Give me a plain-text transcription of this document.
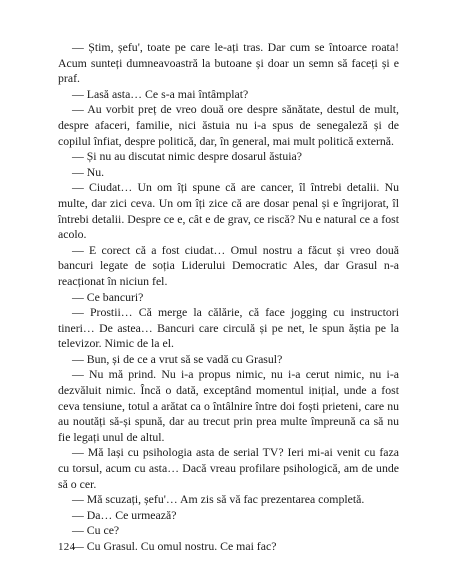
— Știm, șefu', toate pe care le-ați tras. Dar cum se întoarce roata! Acum sunteți dumneavoastră la butoane și doar un semn să faceți și e praf.

— Lasă asta… Ce s-a mai întâmplat?

— Au vorbit preț de vreo două ore despre sănătate, destul de mult, despre afaceri, familie, nici ăstuia nu i-a spus de senegaleză și de copilul înfiat, despre politică, dar, în general, mai mult politică externă.

— Și nu au discutat nimic despre dosarul ăstuia?

— Nu.

— Ciudat… Un om îți spune că are cancer, îl întrebi detalii. Nu multe, dar zici ceva. Un om îți zice că are dosar penal și e îngrijorat, îl întrebi detalii. Despre ce e, cât e de grav, ce riscă? Nu e natural ce a fost acolo.

— E corect că a fost ciudat… Omul nostru a făcut și vreo două bancuri legate de soția Liderului Democratic Ales, dar Grasul n-a reacționat în niciun fel.

— Ce bancuri?

— Prostii… Că merge la călărie, că face jogging cu instructori tineri… De astea… Bancuri care circulă și pe net, le spun ăștia pe la televizor. Nimic de la el.

— Bun, și de ce a vrut să se vadă cu Grasul?

— Nu mă prind. Nu i-a propus nimic, nu i-a cerut nimic, nu i-a dezvăluit nimic. Încă o dată, exceptând momentul inițial, unde a fost ceva tensiune, totul a arătat ca o întâlnire între doi foști prieteni, care nu au noutăți să-și spună, dar au trecut prin prea multe împreună ca să nu fie legați unul de altul.

— Mă lași cu psihologia asta de serial TV? Ieri mi-ai venit cu faza cu torsul, acum cu asta… Dacă vreau profilare psihologică, am de unde să o cer.

— Mă scuzați, șefu'… Am zis să vă fac prezentarea completă.

— Da… Ce urmează?

— Cu ce?

— Cu Grasul. Cu omul nostru. Ce mai fac?

124
